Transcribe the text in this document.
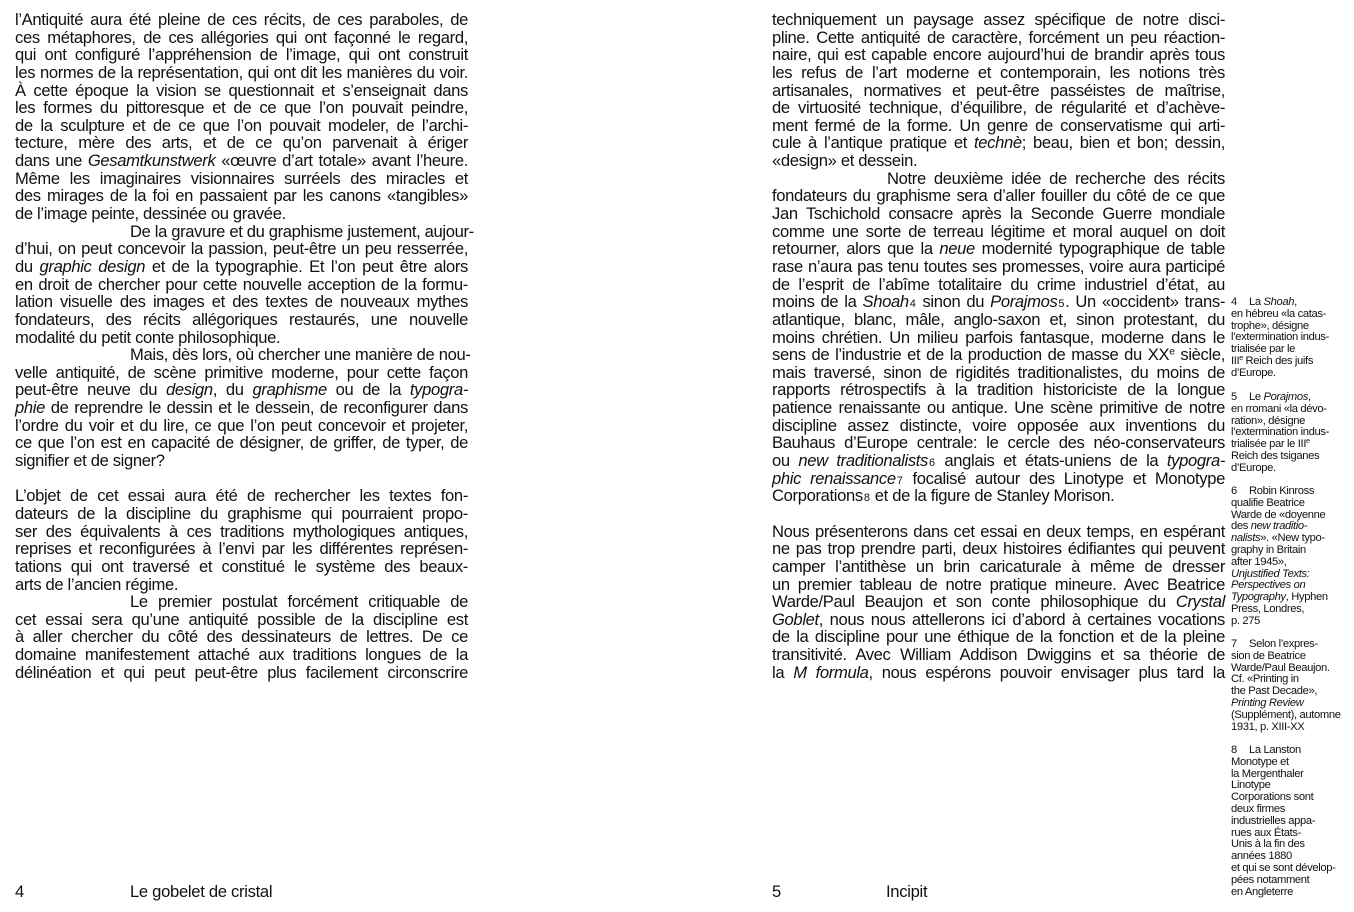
l’Antiquité aura été pleine de ces récits, de ces paraboles, de
ces métaphores, de ces allégories qui ont façonné le regard,
qui ont configuré l’appréhension de l’image, qui ont construit
les normes de la représentation, qui ont dit les manières du voir.
À cette époque la vision se questionnait et s’enseignait dans
les formes du pittoresque et de ce que l’on pouvait peindre,
de la sculpture et de ce que l’on pouvait modeler, de l’archi-
tecture, mère des arts, et de ce qu’on parvenait à ériger
dans une Gesamtkunstwerk «œuvre d’art totale» avant l’heure.
Même les imaginaires visionnaires surréels des miracles et
des mirages de la foi en passaient par les canons «tangibles»
de l’image peinte, dessinée ou gravée.
De la gravure et du graphisme justement, aujour-
d’hui, on peut concevoir la passion, peut-être un peu resserrée,
du graphic design et de la typographie. Et l’on peut être alors
en droit de chercher pour cette nouvelle acception de la formu-
lation visuelle des images et des textes de nouveaux mythes
fondateurs, des récits allégoriques restaurés, une nouvelle
modalité du petit conte philosophique.
Mais, dès lors, où chercher une manière de nou-
velle antiquité, de scène primitive moderne, pour cette façon
peut-être neuve du design, du graphisme ou de la typogra-
phie de reprendre le dessin et le dessein, de reconfigurer dans
l’ordre du voir et du lire, ce que l’on peut concevoir et projeter,
ce que l’on est en capacité de désigner, de griffer, de typer, de
signifier et de signer?
L’objet de cet essai aura été de rechercher les textes fon-
dateurs de la discipline du graphisme qui pourraient propo-
ser des équivalents à ces traditions mythologiques antiques,
reprises et reconfigurées à l’envi par les différentes représen-
tations qui ont traversé et constitué le système des beaux-
arts de l’ancien régime.
Le premier postulat forcément critiquable de
cet essai sera qu’une antiquité possible de la discipline est
à aller chercher du côté des dessinateurs de lettres. De ce
domaine manifestement attaché aux traditions longues de la
délinéation et qui peut peut-être plus facilement circonscrire
techniquement un paysage assez spécifique de notre disci-
pline. Cette antiquité de caractère, forcément un peu réaction-
naire, qui est capable encore aujourd’hui de brandir après tous
les refus de l’art moderne et contemporain, les notions très
artisanales, normatives et peut-être passéistes de maîtrise,
de virtuosité technique, d’équilibre, de régularité et d’achève-
ment fermé de la forme. Un genre de conservatisme qui arti-
cule à l’antique pratique et technè; beau, bien et bon; dessin,
«design» et dessein.
Notre deuxième idée de recherche des récits
fondateurs du graphisme sera d’aller fouiller du côté de ce que
Jan Tschichold consacre après la Seconde Guerre mondiale
comme une sorte de terreau légitime et moral auquel on doit
retourner, alors que la neue modernité typographique de table
rase n’aura pas tenu toutes ses promesses, voire aura participé
de l’esprit de l’abîme totalitaire du crime industriel d’état, au
moins de la Shoah4 sinon du Porajmos5. Un «occident» trans-
atlantique, blanc, mâle, anglo-saxon et, sinon protestant, du
moins chrétien. Un milieu parfois fantasque, moderne dans le
sens de l’industrie et de la production de masse du XXe siècle,
mais traversé, sinon de rigidités traditionalistes, du moins de
rapports rétrospectifs à la tradition historiciste de la longue
patience renaissante ou antique. Une scène primitive de notre
discipline assez distincte, voire opposée aux inventions du
Bauhaus d’Europe centrale: le cercle des néo-conservateurs
ou new traditionalists6 anglais et états-uniens de la typogra-
phic renaissance7 focalisé autour des Linotype et Monotype
Corporations8 et de la figure de Stanley Morison.
Nous présenterons dans cet essai en deux temps, en espérant
ne pas trop prendre parti, deux histoires édifiantes qui peuvent
camper l’antithèse un brin caricaturale à même de dresser
un premier tableau de notre pratique mineure. Avec Beatrice
Warde/Paul Beaujon et son conte philosophique du Crystal
Goblet, nous nous attellerons ici d’abord à certaines vocations
de la discipline pour une éthique de la fonction et de la pleine
transitivité. Avec William Addison Dwiggins et sa théorie de
la M formula, nous espérons pouvoir envisager plus tard la
4 La Shoah,
en hébreu «la catas-
trophe», désigne
l’extermination indus-
trialisée par le
IIIe Reich des juifs
d’Europe.
5 Le Porajmos,
en rromani «la dévo-
ration», désigne
l’extermination indus-
trialisée par le IIIe
Reich des tsiganes
d’Europe.
6 Robin Kinross
qualifie Beatrice
Warde de «doyenne
des new traditio-
nalists». «New typo-
graphy in Britain
after 1945»,
Unjustified Texts:
Perspectives on
Typography, Hyphen
Press, Londres,
p. 275
7 Selon l’expres-
sion de Beatrice
Warde/Paul Beaujon.
Cf. «Printing in
the Past Decade»,
Printing Review
(Supplément), automne
1931, p. XIII-XX
8 La Lanston
Monotype et
la Mergenthaler
Linotype
Corporations sont
deux firmes
industrielles appa-
rues aux États-
Unis à la fin des
années 1880
et qui se sont dévelop-
pées notamment
en Angleterre
4	Le gobelet de cristal	5	Incipit
